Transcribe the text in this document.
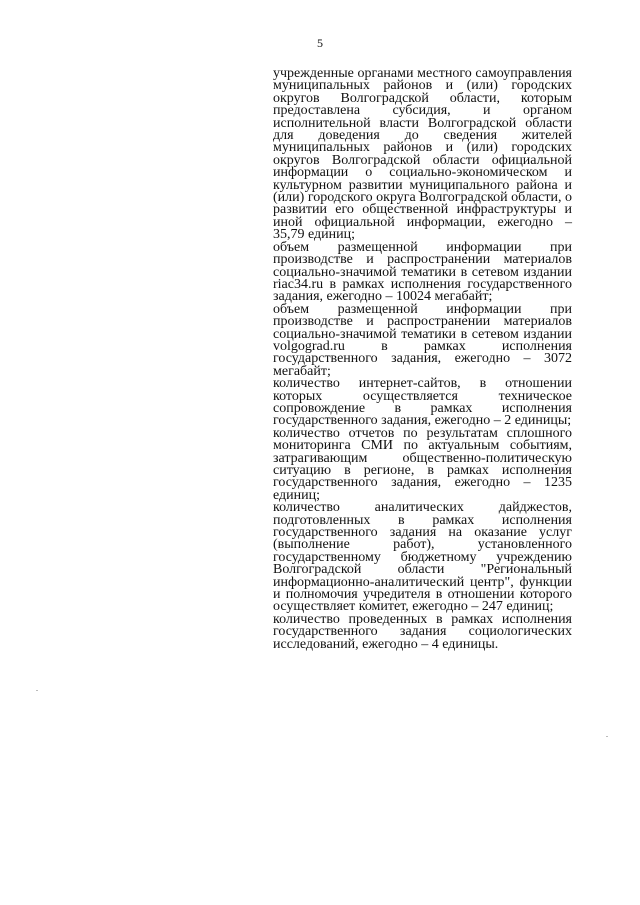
5

учрежденные органами местного самоуправления муниципальных районов и (или) городских округов Волгоградской области, которым предоставлена субсидия, и органом исполнительной власти Волгоградской области для доведения до сведения жителей муниципальных районов и (или) городских округов Волгоградской области официальной информации о социально-экономическом и культурном развитии муниципального района и (или) городского округа Волгоградской области, о развитии его общественной инфраструктуры и иной официальной информации, ежегодно – 35,79 единиц;

объем размещенной информации при производстве и распространении материалов социально-значимой тематики в сетевом издании riac34.ru в рамках исполнения государственного задания, ежегодно – 10024 мегабайт;

объем размещенной информации при производстве и распространении материалов социально-значимой тематики в сетевом издании volgograd.ru в рамках исполнения государственного задания, ежегодно – 3072 мегабайт;

количество интернет-сайтов, в отношении которых осуществляется техническое сопровождение в рамках исполнения государственного задания, ежегодно – 2 единицы;

количество отчетов по результатам сплошного мониторинга СМИ по актуальным событиям, затрагивающим общественно-политическую ситуацию в регионе, в рамках исполнения государственного задания, ежегодно – 1235 единиц;

количество аналитических дайджестов, подготовленных в рамках исполнения государственного задания на оказание услуг (выполнение работ), установленного государственному бюджетному учреждению Волгоградской области "Региональный информационно-аналитический центр", функции и полномочия учредителя в отношении которого осуществляет комитет, ежегодно – 247 единиц;

количество проведенных в рамках исполнения государственного задания социологических исследований, ежегодно – 4 единицы.
